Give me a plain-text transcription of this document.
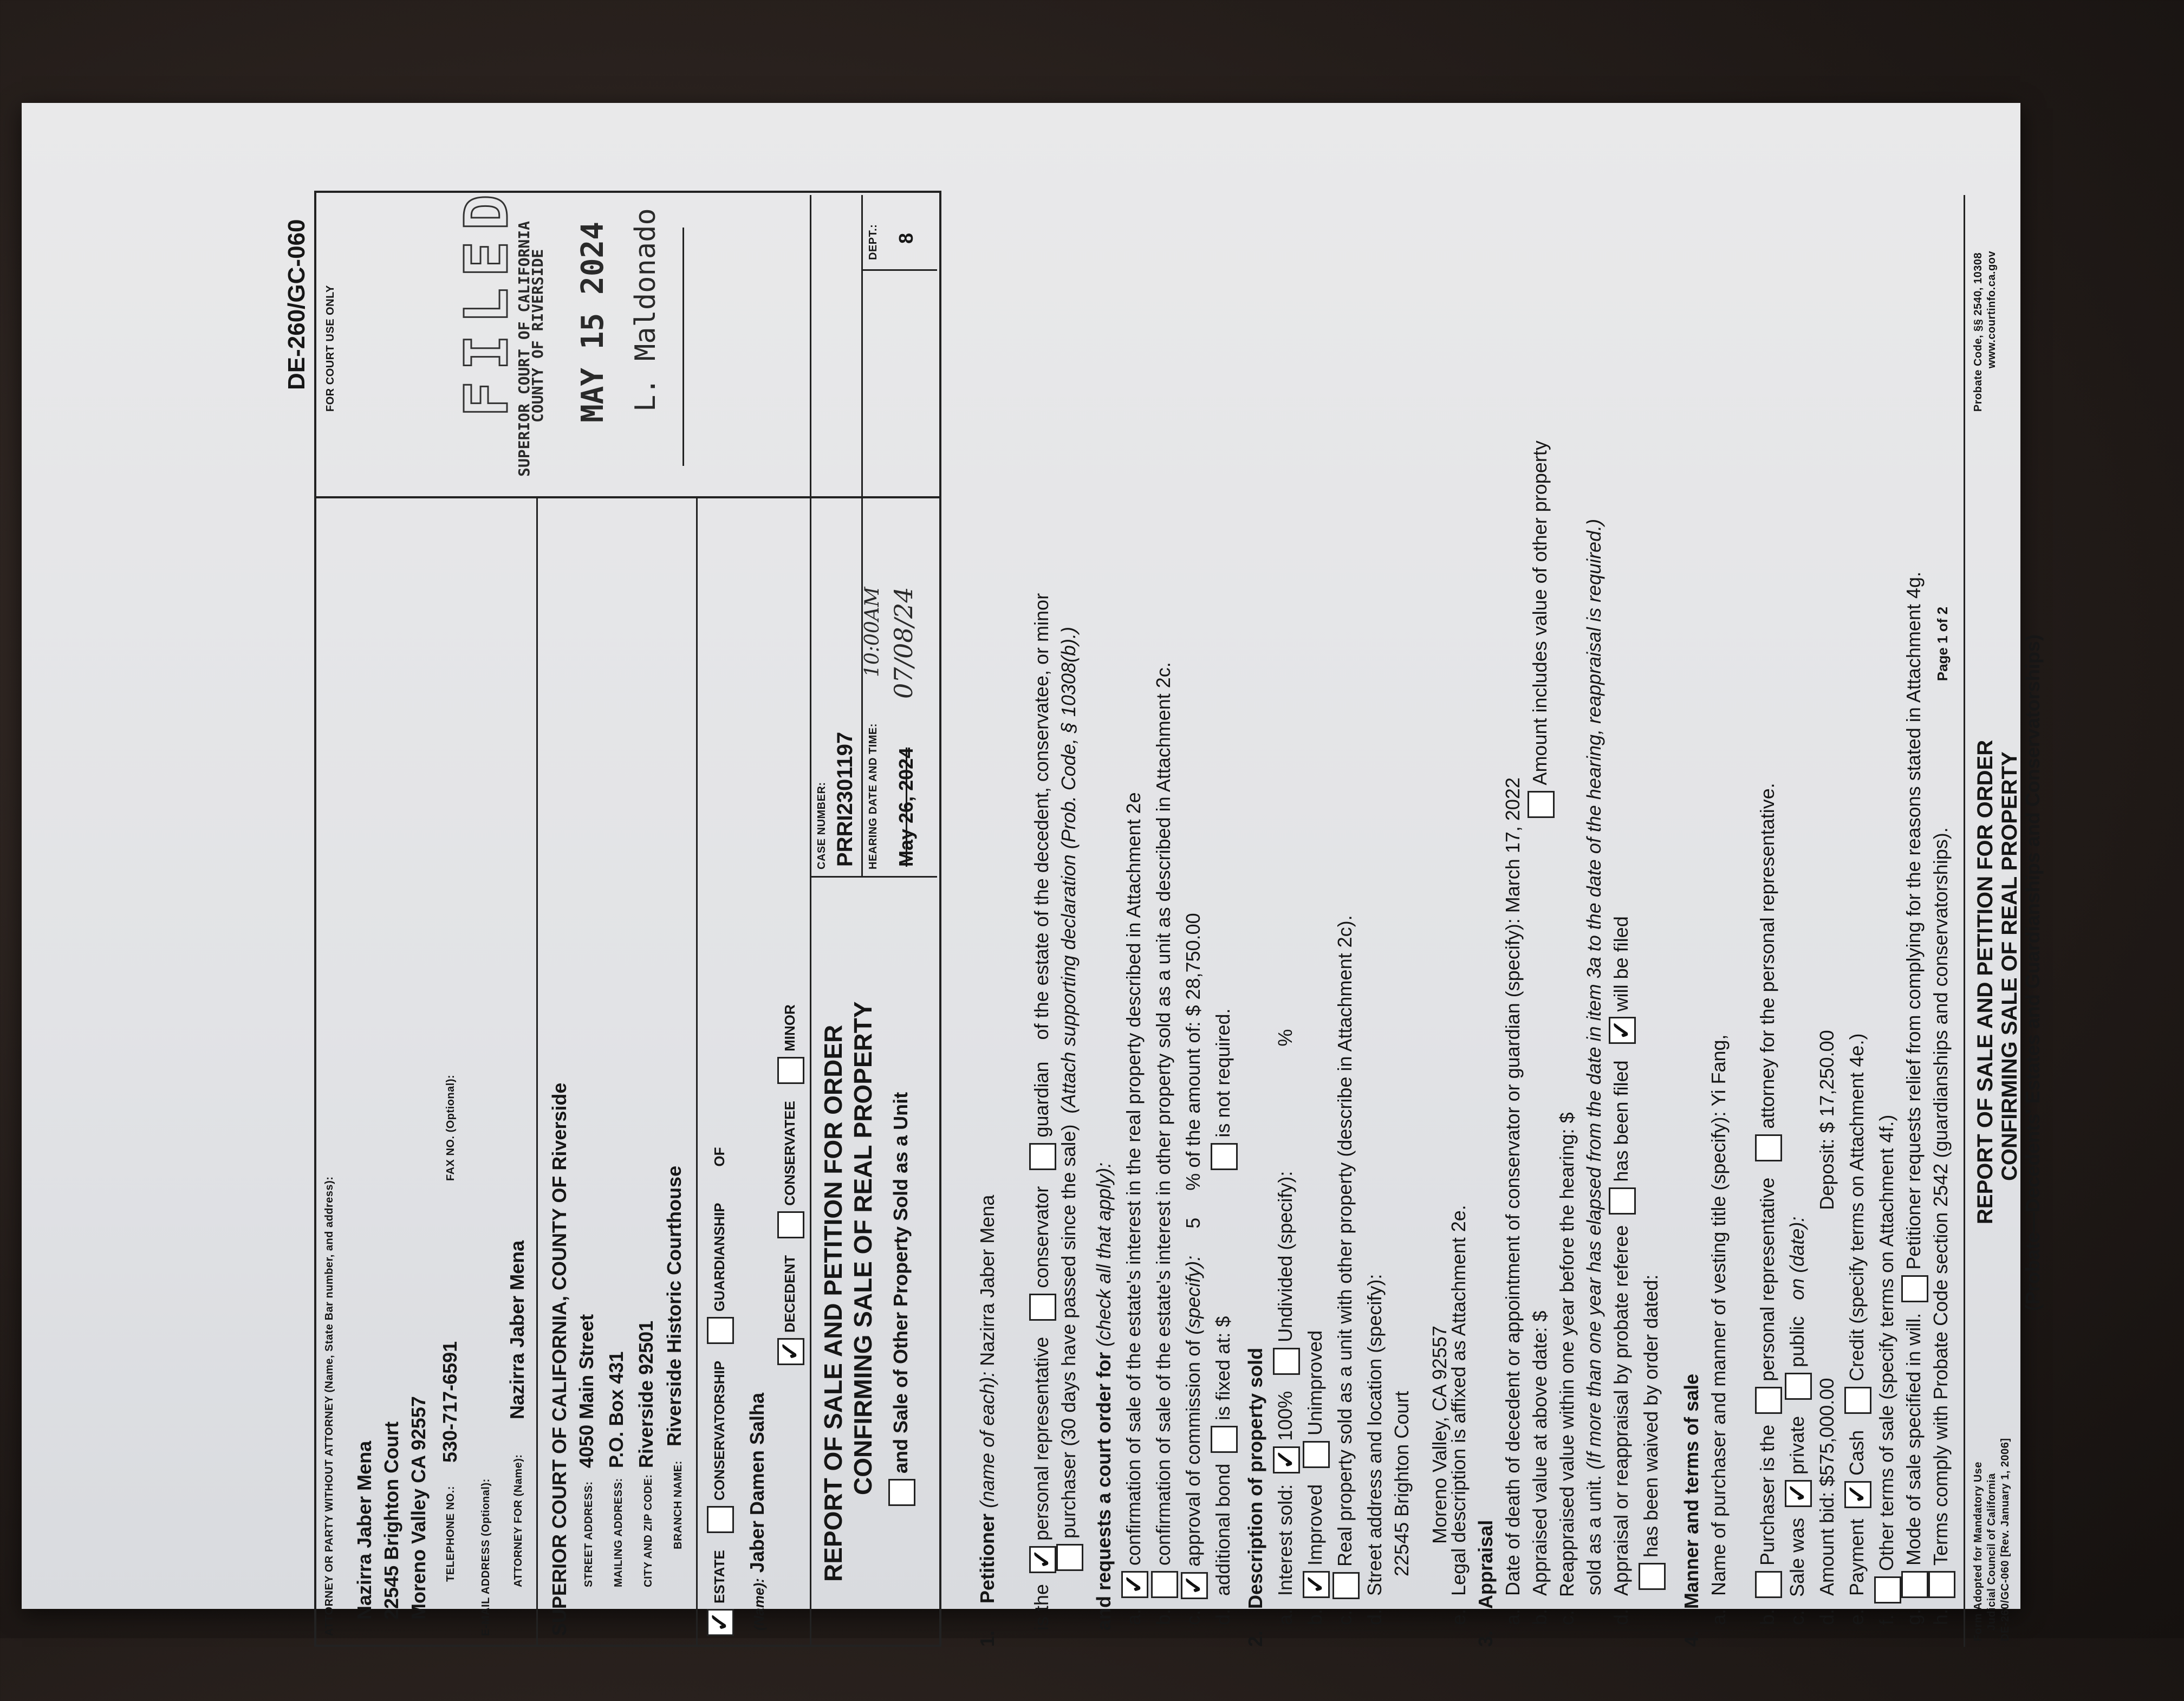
DE-260/GC-060 FOR COURT USE ONLY
ATTORNEY OR PARTY WITHOUT ATTORNEY (Name, State Bar number, and address): Nazirra Jaber Mena 22545 Brighton Court Moreno Valley CA 92557 TELEPHONE NO.:
530-717-6591
FAX NO. (Optional):
E-MAIL ADDRESS (Optional): ATTORNEY FOR (Name):
Nazirra Jaber Mena SUPERIOR COURT OF CALIFORNIA, COUNTY OF Riverside
STREET ADDRESS:
4050 Main Street
MAILING ADDRESS:
P.O. Box 431
CITY AND ZIP CODE:
Riverside 92501
BRANCH NAME:
Riverside Historic Courthouse
✓ESTATE CONSERVATORSHIP GUARDIANSHIP OF
(Name): Jaber Damen Salha
✓DECEDENT CONSERVATEE MINOR REPORT OF SALE AND PETITION FOR ORDER CONFIRMING SALE OF REAL PROPERTY and Sale of Other Property Sold as a Unit
CASE NUMBER: PRRI2301197 HEARING DATE AND TIME:
10:00AM
May 26, 2024
07/08/24
DEPT.: 8
FILED
SUPERIOR COURT OF CALIFORNIA
COUNTY OF RIVERSIDE MAY 15 2024 L. Maldonado
1. Petitioner (name of each): Nazirra Jaber Mena
is the ✓personal representative conservator guardian of the estate of the decedent, conservatee, or minor
purchaser (30 days have passed since the sale) (Attach supporting declaration (Prob. Code, § 10308(b).)
and requests a court order for (check all that apply):
a. ✓confirmation of sale of the estate's interest in the real property described in Attachment 2e
b. confirmation of sale of the estate's interest in other property sold as a unit as described in Attachment 2c.
c. ✓approval of commission of (specify): 5 % of the amount of: $ 28,750.00
d. additional bond is fixed at: $ is not required.
2.Description of property sold
a. Interest sold: ✓100% Undivided (specify): %
b. ✓Improved Unimproved
c. Real property sold as a unit with other property (describe in Attachment 2c).
d. Street address and location (specify): 22545 Brighton Court Moreno Valley, CA 92557
e. Legal description is affixed as Attachment 2e.
3.Appraisal
a. Date of death of decedent or appointment of conservator or guardian (specify): March 17, 2022
b. Appraised value at above date: $ Amount includes value of other property
c. Reappraised value within one year before the hearing: $ sold as a unit. (If more than one year has elapsed from the date in item 3a to the date of the hearing, reappraisal is required.)
d. Appraisal or reappraisal by probate referee has been filed ✓will be filed
has been waived by order dated:
4.Manner and terms of sale
a. Name of purchaser and manner of vesting title (specify): Yi Fang,
b. Purchaser is the personal representative attorney for the personal representative.
c. Sale was ✓private public on (date):
d. Amount bid: $575,000.00 Deposit: $ 17,250.00
e. Payment ✓Cash Credit (specify terms on Attachment 4e.)
f. Other terms of sale (specify terms on Attachment 4f.)
g. Mode of sale specified in will. Petitioner requests relief from complying for the reasons stated in Attachment 4g.
h. Terms comply with Probate Code section 2542 (guardianships and conservatorships). Page 1 of 2
Form Adopted for Mandatory Use Judicial Council of California DE-260/GC-060 [Rev. January 1, 2006]
REPORT OF SALE AND PETITION FOR ORDER CONFIRMING SALE OF REAL PROPERTY (Probate—Decedents' Estates and Guardianships and Conservatorships)
Probate Code, §§ 2540, 10308 www.courtinfo.ca.gov
